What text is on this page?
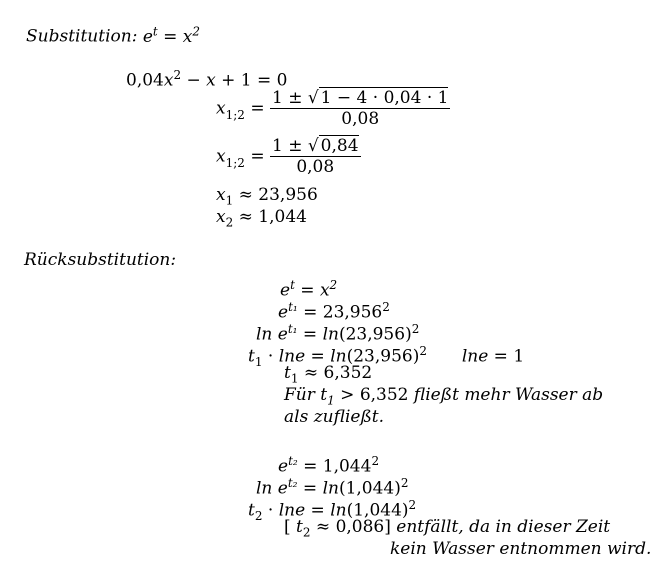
Substitution: $e^t = x^2$
$0,04x^2 - x + 1 = 0$
$x_{1;2} = \frac{1 \pm √ 1 - 4 \cdot 0,04 \cdot 1}{0,08}$
$x_{1;2} = \frac{1 \pm √ 0,84}{0,08}$
$x_1 \approx 23,956$
$x_2 \approx 1,044$
Rücksubstitution:
$e^t = x^2$
$e^{t_1} = 23,956^2$
$\ln e^{t_1} = \ln(23,956)^2$
$t_1 \cdot \ln e = \ln(23,956)^2$ lne = 1
$t_1 \approx 6,352$
Für $t_1 > 6,352$ fließt mehr Wasser ab
als zufließt.
$e^{t_2} = 1,044^2$
$\ln e^{t_2} = \ln(1,044)^2$
$t_2 \cdot \ln e = \ln(1,044)^2$
[ $t_2 \approx 0,086$] entfällt, da in dieser Zeit
kein Wasser entnommen wird.
